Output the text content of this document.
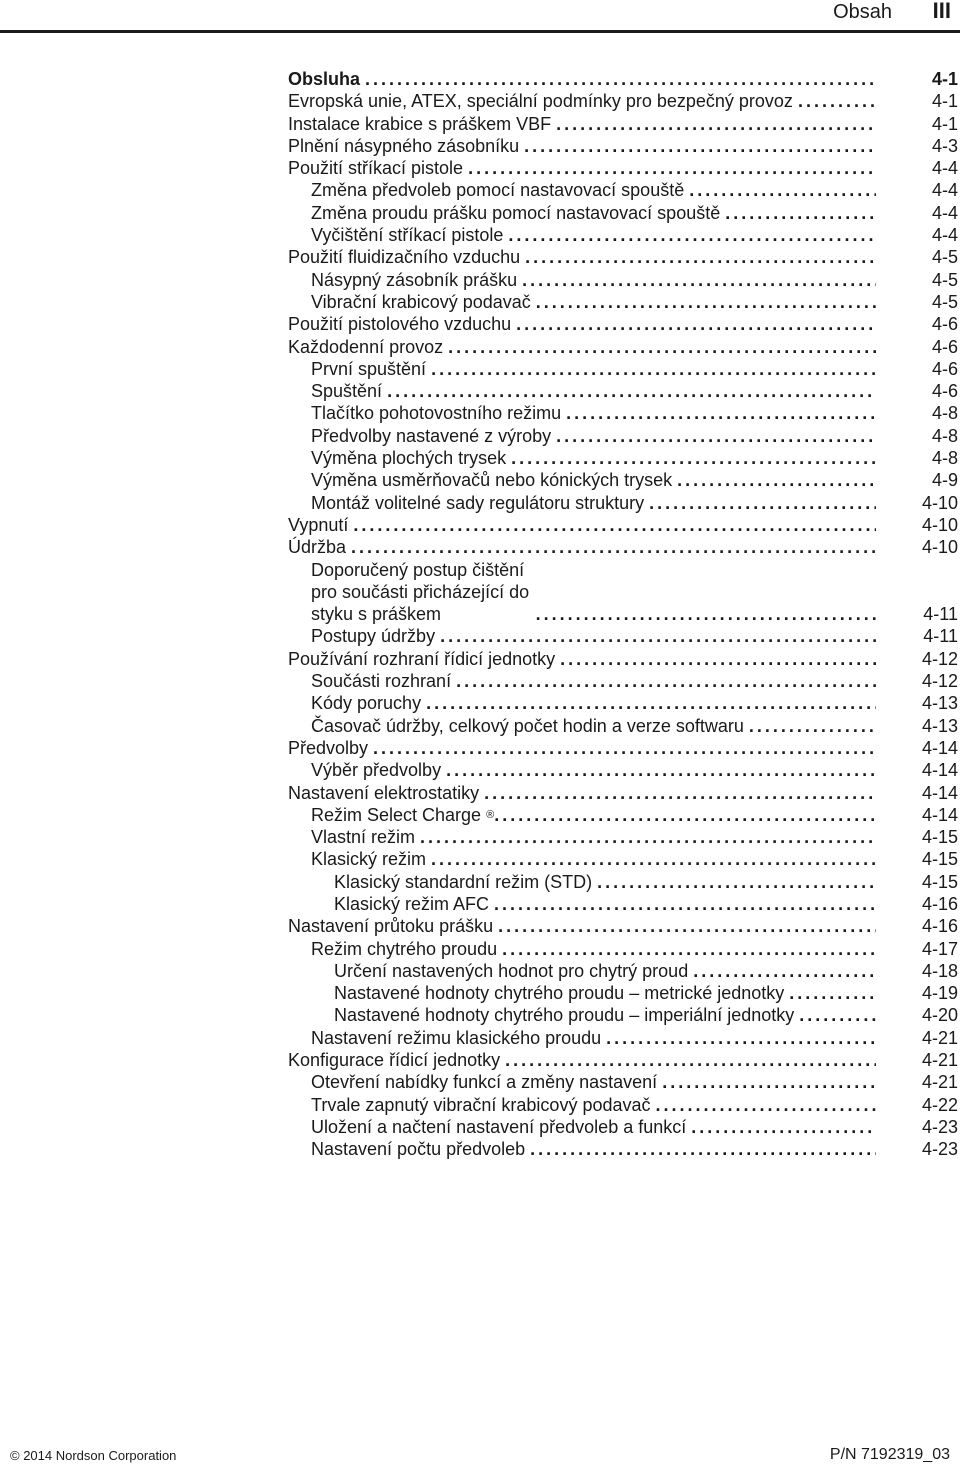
Obsah III
Obsluha . . .	4-1
Evropská unie, ATEX, speciální podmínky pro bezpečný provoz . . .	4-1
Instalace krabice s práškem VBF . . .	4-1
Plnění násypného zásobníku . . .	4-3
Použití stříkací pistole . . .	4-4
Změna předvoleb pomocí nastavovací spouště . . .	4-4
Změna proudu prášku pomocí nastavovací spouště . . .	4-4
Vyčištění stříkací pistole . . .	4-4
Použití fluidizačního vzduchu . . .	4-5
Násypný zásobník prášku . . .	4-5
Vibrační krabicový podavač . . .	4-5
Použití pistolového vzduchu . . .	4-6
Každodenní provoz . . .	4-6
První spuštění . . .	4-6
Spuštění . . .	4-6
Tlačítko pohotovostního režimu . . .	4-8
Předvolby nastavené z výroby . . .	4-8
Výměna plochých trysek . . .	4-8
Výměna usměrňovačů nebo kónických trysek . . .	4-9
Montáž volitelné sady regulátoru struktury . . .	4-10
Vypnutí . . .	4-10
Údržba . . .	4-10
Doporučený postup čištění pro součásti přicházející do styku s práškem . . .	4-11
Postupy údržby . . .	4-11
Používání rozhraní řídicí jednotky . . .	4-12
Součásti rozhraní . . .	4-12
Kódy poruchy . . .	4-13
Časovač údržby, celkový počet hodin a verze softwaru . . .	4-13
Předvolby . . .	4-14
Výběr předvolby . . .	4-14
Nastavení elektrostatiky . . .	4-14
Režim Select Charge ® . . .	4-14
Vlastní režim . . .	4-15
Klasický režim . . .	4-15
Klasický standardní režim (STD) . . .	4-15
Klasický režim AFC . . .	4-16
Nastavení průtoku prášku . . .	4-16
Režim chytrého proudu . . .	4-17
Určení nastavených hodnot pro chytrý proud . . .	4-18
Nastavené hodnoty chytrého proudu – metrické jednotky . . .	4-19
Nastavené hodnoty chytrého proudu – imperiální jednotky . . .	4-20
Nastavení režimu klasického proudu . . .	4-21
Konfigurace řídicí jednotky . . .	4-21
Otevření nabídky funkcí a změny nastavení . . .	4-21
Trvale zapnutý vibrační krabicový podavač . . .	4-22
Uložení a načtení nastavení předvoleb a funkcí . . .	4-23
Nastavení počtu předvoleb . . .	4-23
© 2014 Nordson Corporation	P/N 7192319_03
